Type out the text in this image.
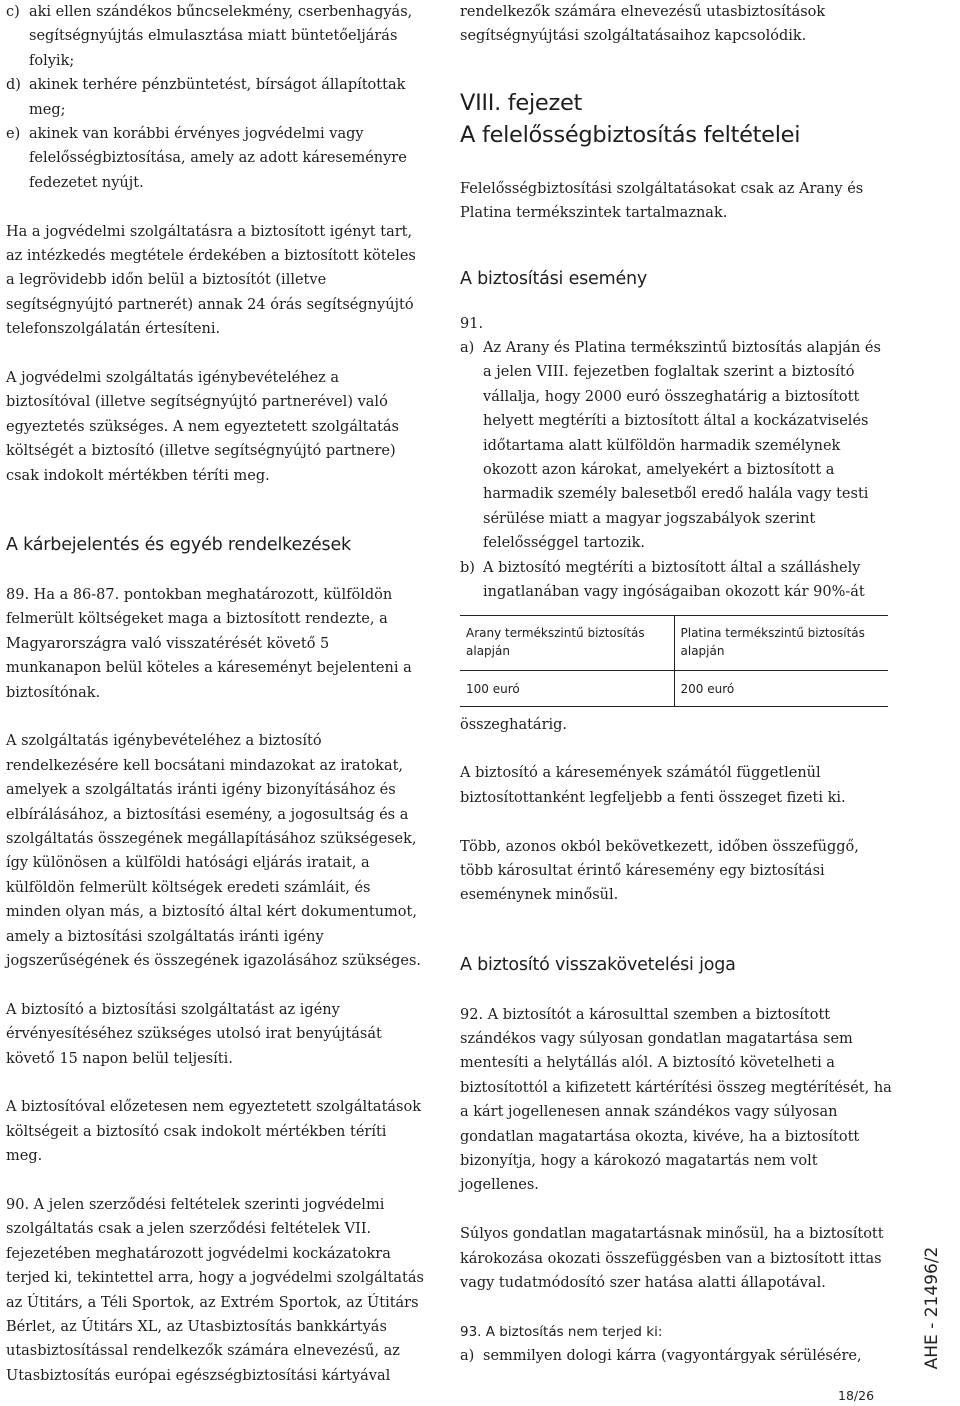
c) aki ellen szándékos bűncselekmény, cserbenhagyás, segítségnyújtás elmulasztása miatt büntetőeljárás folyik;
d) akinek terhére pénzbüntetést, bírságot állapítottak meg;
e) akinek van korábbi érvényes jogvédelmi vagy felelősségbiztosítása, amely az adott káreseményre fedezetet nyújt.

Ha a jogvédelmi szolgáltatásra a biztosított igényt tart, az intézkedés megtétele érdekében a biztosított köteles a legrövidebb időn belül a biztosítót (illetve segítségnyújtó partnerét) annak 24 órás segítségnyújtó telefonszolgálatán értesíteni.

A jogvédelmi szolgáltatás igénybevételéhez a biztosítóval (illetve segítségnyújtó partnerével) való egyeztetés szükséges. A nem egyeztetett szolgáltatás költségét a biztosító (illetve segítségnyújtó partnere) csak indokolt mértékben téríti meg.

A kárbejelentés és egyéb rendelkezések

89. Ha a 86-87. pontokban meghatározott, külföldön felmerült költségeket maga a biztosított rendezte, a Magyarországra való visszatérését követő 5 munkanapon belül köteles a káreseményt bejelenteni a biztosítónak.

A szolgáltatás igénybevételéhez a biztosító rendelkezésére kell bocsátani mindazokat az iratokat, amelyek a szolgáltatás iránti igény bizonyításához és elbírálásához, a biztosítási esemény, a jogosultság és a szolgáltatás összegének megállapításához szükségesek, így különösen a külföldi hatósági eljárás iratait, a külföldön felmerült költségek eredeti számláit, és minden olyan más, a biztosító által kért dokumentumot, amely a biztosítási szolgáltatás iránti igény jogszerűségének és összegének igazolásához szükséges.

A biztosító a biztosítási szolgáltatást az igény érvényesítéséhez szükséges utolsó irat benyújtását követő 15 napon belül teljesíti.

A biztosítóval előzetesen nem egyeztetett szolgáltatások költségeit a biztosító csak indokolt mértékben téríti meg.

90. A jelen szerződési feltételek szerinti jogvédelmi szolgáltatás csak a jelen szerződési feltételek VII. fejezetében meghatározott jogvédelmi kockázatokra terjed ki, tekintettel arra, hogy a jogvédelmi szolgáltatás az Útitárs, a Téli Sportok, az Extrém Sportok, az Útitárs Bérlet, az Útitárs XL, az Utasbiztosítás bankkártyás utasbiztosítással rendelkezők számára elnevezésű, az Utasbiztosítás európai egészségbiztosítási kártyával

rendelkezők számára elnevezésű utasbiztosítások segítségnyújtási szolgáltatásaihoz kapcsolódik.

VIII. fejezet
A felelősségbiztosítás feltételei

Felelősségbiztosítási szolgáltatásokat csak az Arany és Platina termékszintek tartalmaznak.

A biztosítási esemény

91.

a) Az Arany és Platina termékszintű biztosítás alapján és a jelen VIII. fejezetben foglaltak szerint a biztosító vállalja, hogy 2000 euró összeghatárig a biztosított helyett megtéríti a biztosított által a kockázatviselés időtartama alatt külföldön harmadik személynek okozott azon károkat, amelyekért a biztosított a harmadik személy balesetből eredő halála vagy testi sérülése miatt a magyar jogszabályok szerint felelősséggel tartozik.
b) A biztosító megtéríti a biztosított által a szálláshely ingatlanában vagy ingóságaiban okozott kár 90%-át
Arany termékszintű biztosítás alapján	Platina termékszintű biztosítás alapján
100 euró	200 euró

összeghatárig.

A biztosító a káresemények számától függetlenül biztosítottanként legfeljebb a fenti összeget fizeti ki.

Több, azonos okból bekövetkezett, időben összefüggő, több károsultat érintő káresemény egy biztosítási eseménynek minősül.

A biztosító visszakövetelési joga

92. A biztosítót a károsulttal szemben a biztosított szándékos vagy súlyosan gondatlan magatartása sem mentesíti a helytállás alól. A biztosító követelheti a biztosítottól a kifizetett kártérítési összeg megtérítését, ha a kárt jogellenesen annak szándékos vagy súlyosan gondatlan magatartása okozta, kivéve, ha a biztosított bizonyítja, hogy a károkozó magatartás nem volt jogellenes.

Súlyos gondatlan magatartásnak minősül, ha a biztosított károkozása okozati összefüggésben van a biztosított ittas vagy tudatmódosító szer hatása alatti állapotával.

93. A biztosítás nem terjed ki:
a) semmilyen dologi kárra (vagyontárgyak sérülésére,	AHE - 21496/2
18/26
